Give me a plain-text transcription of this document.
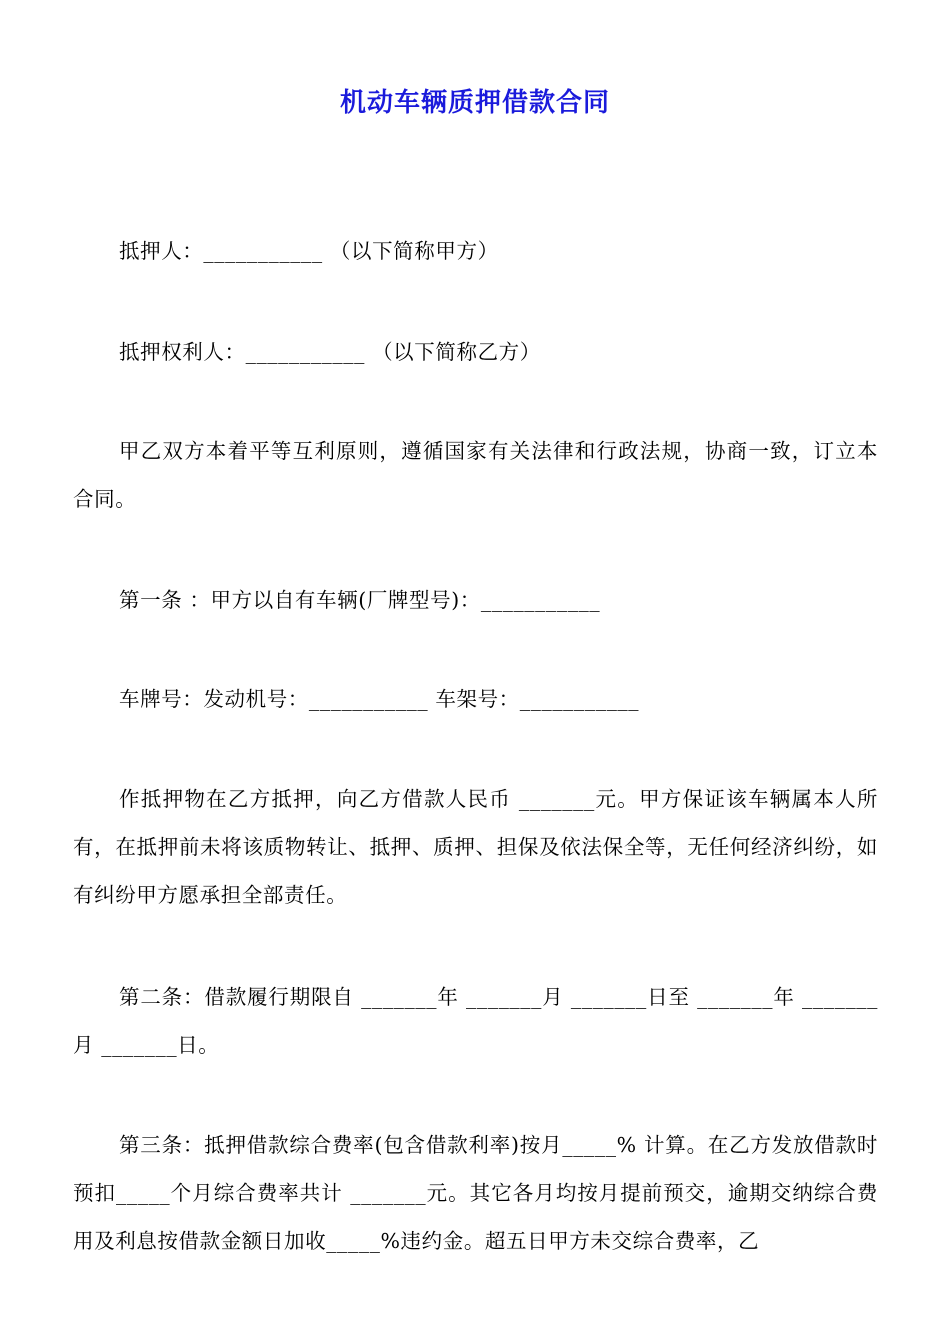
机动车辆质押借款合同
抵押人：___________ （以下简称甲方）
抵押权利人：___________ （以下简称乙方）
甲乙双方本着平等互利原则，遵循国家有关法律和行政法规，协商一致，订立本合同。
第一条 ：甲方以自有车辆(厂牌型号)：___________
车牌号：发动机号：___________ 车架号：___________
作抵押物在乙方抵押，向乙方借款人民币 _______元。甲方保证该车辆属本人所有，在抵押前未将该质物转让、抵押、质押、担保及依法保全等，无任何经济纠纷，如有纠纷甲方愿承担全部责任。
第二条：借款履行期限自 _______年 _______月 _______日至 _______年 _______月 _______日。
第三条：抵押借款综合费率(包含借款利率)按月_____% 计算。在乙方发放借款时预扣_____个月综合费率共计 _______元。其它各月均按月提前预交，逾期交纳综合费用及利息按借款金额日加收_____%违约金。超五日甲方未交综合费率，乙
